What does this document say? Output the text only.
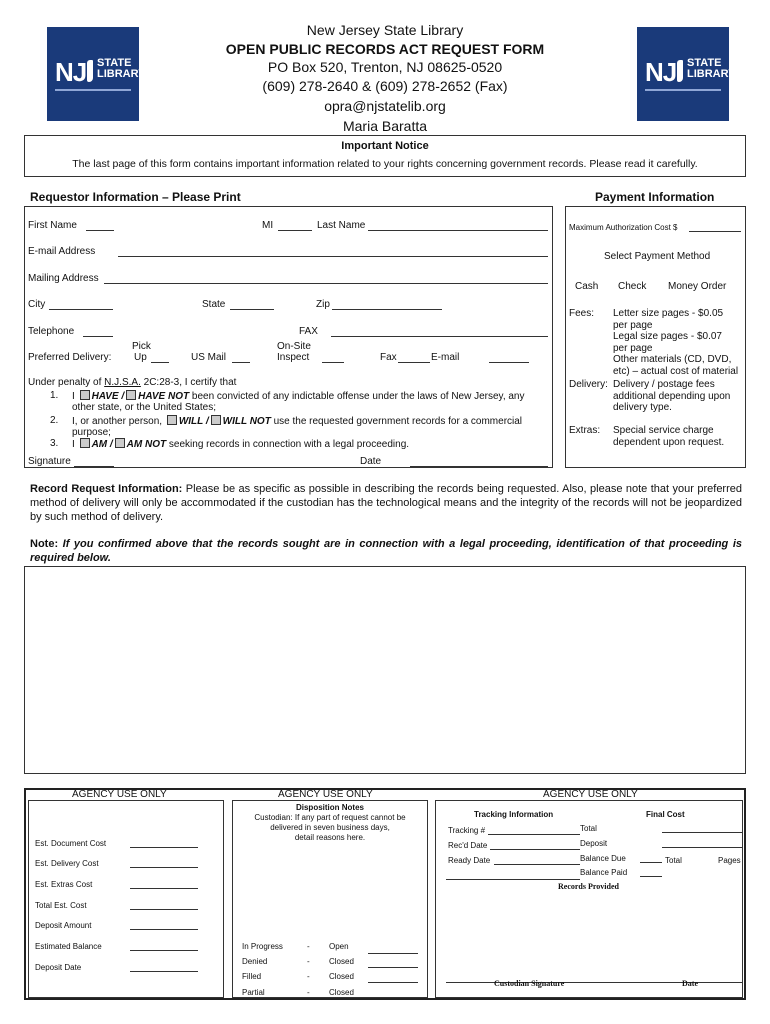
NJ STATE
LIBRARY	NJ STATE
LIBRARY
New Jersey State Library
OPEN PUBLIC RECORDS ACT REQUEST FORM
PO Box 520, Trenton, NJ 08625-0520
(609) 278-2640 & (609) 278-2652 (Fax)
opra@njstatelib.org
Maria Baratta
Important Notice
The last page of this form contains important information related to your rights concerning government records. Please read it carefully.
Requestor Information – Please Print	Payment Information
First Name	MI	Last Name
E-mail Address
Mailing Address
City	State	Zip
Telephone	FAX
Preferred Delivery:
Pick
Up	US Mail
On-Site
Inspect	Fax	E-mail
Under penalty of N.J.S.A. 2C:28-3, I certify that
1. I HAVE / HAVE NOT been convicted of any indictable offense under the laws of New Jersey, any
other state, or the United States;
2. I, or another person, WILL / WILL NOT use the requested government records for a commercial
purpose;
3. I AM / AM NOT seeking records in connection with a legal proceeding.
Signature	Date
Maximum Authorization Cost $
Select Payment Method
Cash Check Money Order
Fees: Letter size pages - $0.05
per page
Legal size pages - $0.07
per page
Other materials (CD, DVD,
etc) – actual cost of material
Delivery: Delivery / postage fees
additional depending upon
delivery type.
Extras: Special service charge
dependent upon request.
Record Request Information: Please be as specific as possible in describing the records being requested. Also, please note that your preferred method of delivery will only be accommodated if the custodian has the technological means and the integrity of the records will not be jeopardized by such method of delivery.
Note: If you confirmed above that the records sought are in connection with a legal proceeding, identification of that proceeding is required below.
AGENCY USE ONLY
Est. Document Cost
Est. Delivery Cost
Est. Extras Cost
Total Est. Cost
Deposit Amount
Estimated Balance
Deposit Date
AGENCY USE ONLY
Disposition Notes
Custodian: If any part of request cannot be
delivered in seven business days,
detail reasons here.
In Progress	- Open
Denied	- Closed
Filled	- Closed
Partial	- Closed
AGENCY USE ONLY
Tracking Information	Final Cost
Tracking #	Total
Rec'd Date	Deposit
Ready Date	Balance Due	Total	Pages
Balance Paid
Records Provided
Custodian Signature	Date
